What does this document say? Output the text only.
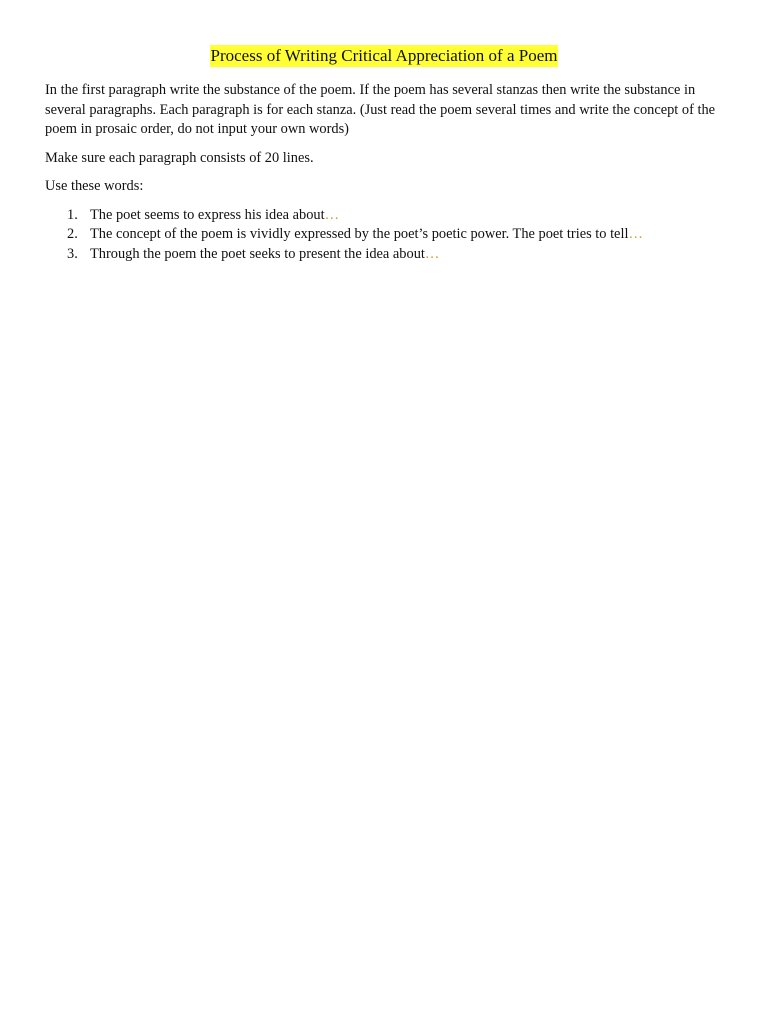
Process of Writing Critical Appreciation of a Poem

In the first paragraph write the substance of the poem. If the poem has several stanzas then write the substance in several paragraphs. Each paragraph is for each stanza. (Just read the poem several times and write the concept of the poem in prosaic order, do not input your own words)

Make sure each paragraph consists of 20 lines.

Use these words:

1. The poet seems to express his idea about…
2. The concept of the poem is vividly expressed by the poet’s poetic power. The poet tries to tell…
3. Through the poem the poet seeks to present the idea about…
